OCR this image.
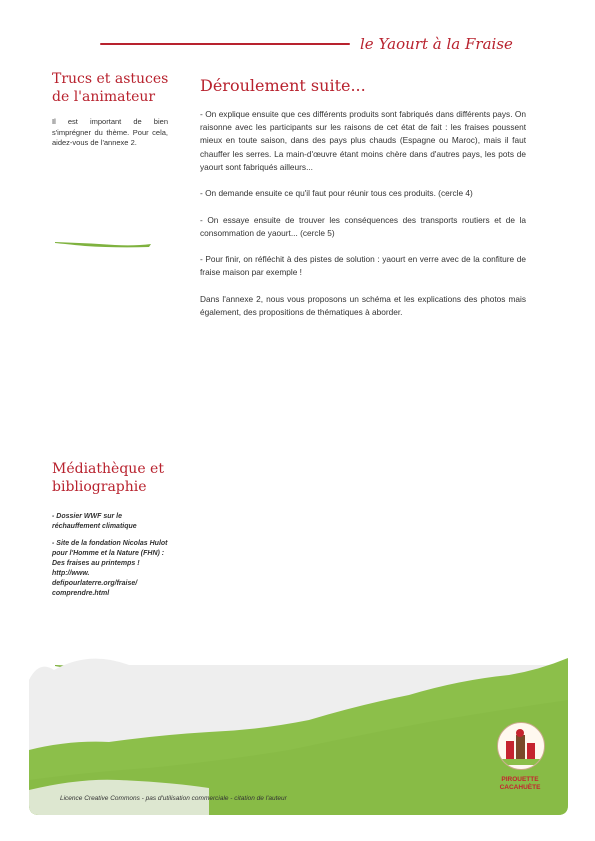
le Yaourt à la Fraise
Trucs et astuces
de l'animateur
Il est important de bien s'imprégner du thème. Pour cela, aidez-vous de l'annexe 2.
Médiathèque et
bibliographie

- Dossier WWF sur le réchauffement climatique

- Site de la fondation Nicolas Hulot pour l'Homme et la Nature (FHN) : Des fraises au printemps ! http://www. defipourlaterre.org/fraise/ comprendre.html

Déroulement suite...

- On explique ensuite que ces différents produits sont fabriqués dans différents pays. On raisonne avec les participants sur les raisons de cet état de fait : les fraises poussent mieux en toute saison, dans des pays plus chauds (Espagne ou Maroc), mais il faut chauffer les serres. La main-d'œuvre étant moins chère dans d'autres pays, les pots de yaourt sont fabriqués ailleurs...

- On demande ensuite ce qu'il faut pour réunir tous ces produits. (cercle 4)

- On essaye ensuite de trouver les conséquences des transports routiers et de la consommation de yaourt... (cercle 5)

- Pour finir, on réfléchit à des pistes de solution : yaourt en verre avec de la confiture de fraise maison par exemple !

Dans l'annexe 2, nous vous proposons un schéma et les explications des photos mais également, des propositions de thématiques à aborder.

PIROUETTE
CACAHUÈTE
Licence Creative Commons - pas d'utilisation commerciale - citation de l'auteur
